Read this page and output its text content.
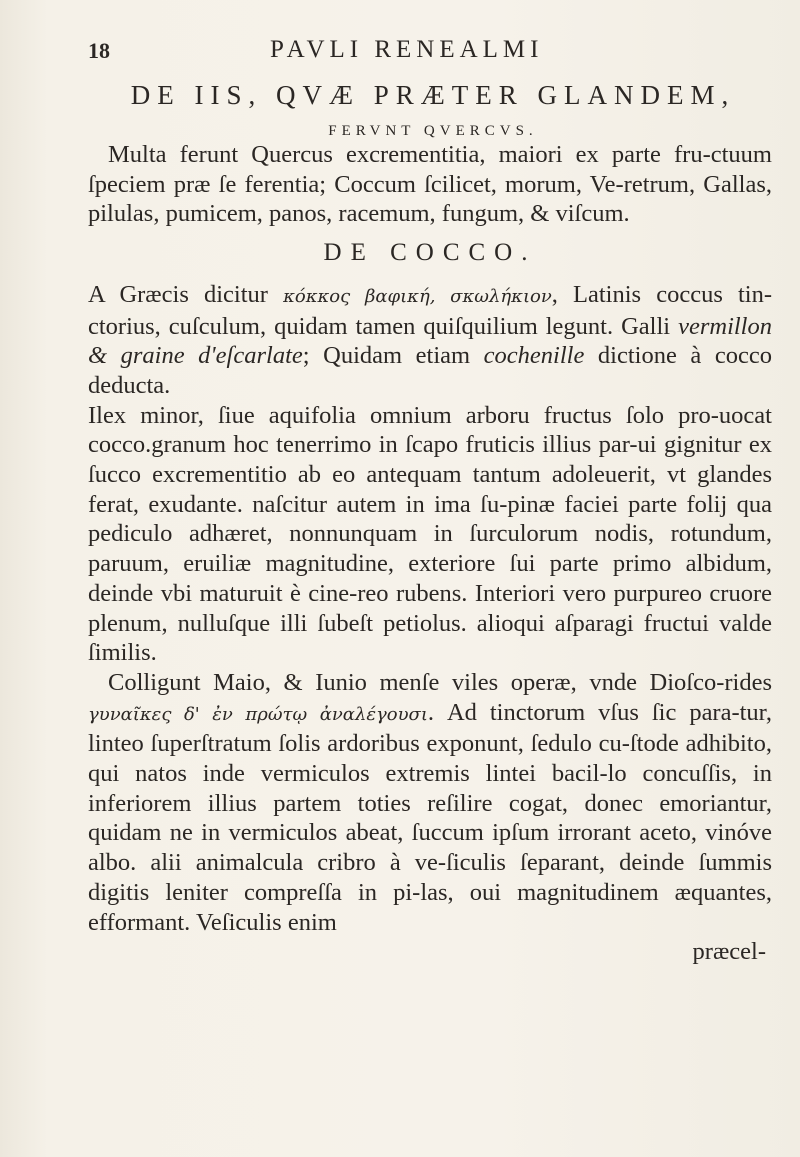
18	PAVLI RENEALMI
DE IIS, QVÆ PRÆTER GLANDEM,
FERVNT QVERCVS.

Multa ferunt Quercus excrementitia, maiori ex parte fru-ctuum ſpeciem præ ſe ferentia; Coccum ſcilicet, morum, Ve-retrum, Gallas, pilulas, pumicem, panos, racemum, fungum, & viſcum.

DE COCCO.

A Græcis dicitur κόκκος βαφική, σκωλήκιον, Latinis coccus tin-ctorius, cuſculum, quidam tamen quiſquilium legunt. Galli vermillon & graine d'eſcarlate; Quidam etiam cochenille dictione à cocco deducta.

Ilex minor, ſiue aquifolia omnium arboru fructus ſolo pro-uocat cocco.granum hoc tenerrimo in ſcapo fruticis illius par-ui gignitur ex ſucco excrementitio ab eo antequam tantum adoleuerit, vt glandes ferat, exudante. naſcitur autem in ima ſu-pinæ faciei parte folij qua pediculo adhæret, nonnunquam in ſurculorum nodis, rotundum, paruum, eruiliæ magnitudine, exteriore ſui parte primo albidum, deinde vbi maturuit è cine-reo rubens. Interiori vero purpureo cruore plenum, nulluſque illi ſubeſt petiolus. alioqui aſparagi fructui valde ſimilis.

Colligunt Maio, & Iunio menſe viles operæ, vnde Dioſco-rides γυναῖκες δ' ἐν πρώτῳ ἀναλέγουσι. Ad tinctorum vſus ſic para-tur, linteo ſuperſtratum ſolis ardoribus exponunt, ſedulo cu-ſtode adhibito, qui natos inde vermiculos extremis lintei bacil-lo concuſſis, in inferiorem illius partem toties reſilire cogat, donec emoriantur, quidam ne in vermiculos abeat, ſuccum ipſum irrorant aceto, vinóve albo. alii animalcula cribro à ve-ſiculis ſeparant, deinde ſummis digitis leniter compreſſa in pi-las, oui magnitudinem æquantes, efformant. Veſiculis enim

præcel-
